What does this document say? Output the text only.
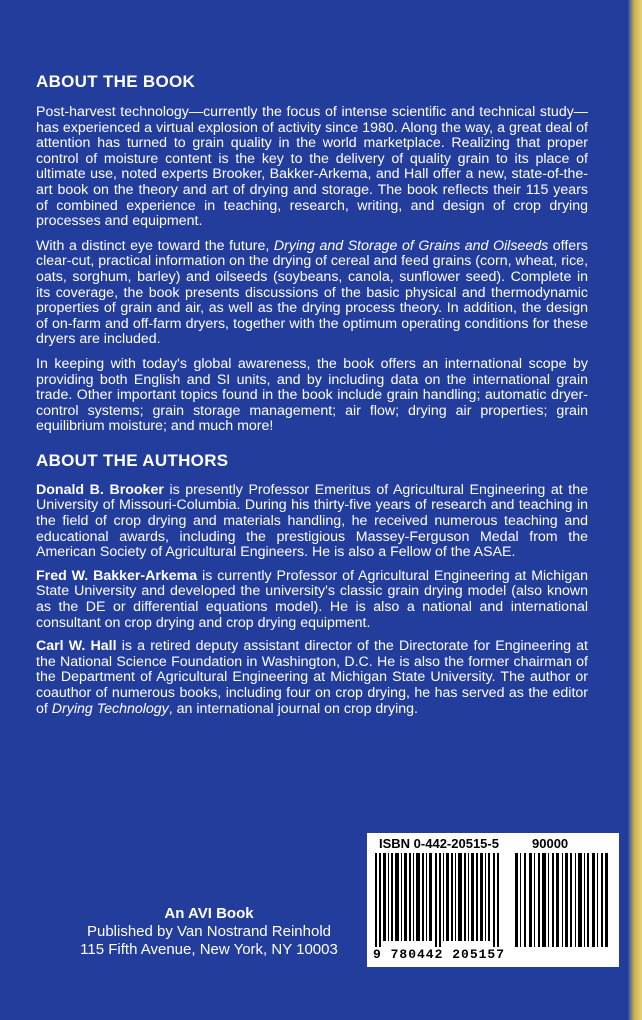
ABOUT THE BOOK

Post-harvest technology—currently the focus of intense scientific and technical study—has experienced a virtual explosion of activity since 1980. Along the way, a great deal of attention has turned to grain quality in the world marketplace. Realizing that proper control of moisture content is the key to the delivery of quality grain to its place of ultimate use, noted experts Brooker, Bakker-Arkema, and Hall offer a new, state-of-the-art book on the theory and art of drying and storage. The book reflects their 115 years of combined experience in teaching, research, writing, and design of crop drying processes and equipment.

With a distinct eye toward the future, Drying and Storage of Grains and Oilseeds offers clear-cut, practical information on the drying of cereal and feed grains (corn, wheat, rice, oats, sorghum, barley) and oilseeds (soybeans, canola, sunflower seed). Complete in its coverage, the book presents discussions of the basic physical and thermodynamic properties of grain and air, as well as the drying process theory. In addition, the design of on-farm and off-farm dryers, together with the optimum operating conditions for these dryers are included.

In keeping with today's global awareness, the book offers an international scope by providing both English and SI units, and by including data on the international grain trade. Other important topics found in the book include grain handling; automatic dryer-control systems; grain storage management; air flow; drying air properties; grain equilibrium moisture; and much more!

ABOUT THE AUTHORS

Donald B. Brooker is presently Professor Emeritus of Agricultural Engineering at the University of Missouri-Columbia. During his thirty-five years of research and teaching in the field of crop drying and materials handling, he received numerous teaching and educational awards, including the prestigious Massey-Ferguson Medal from the American Society of Agricultural Engineers. He is also a Fellow of the ASAE.

Fred W. Bakker-Arkema is currently Professor of Agricultural Engineering at Michigan State University and developed the university's classic grain drying model (also known as the DE or differential equations model). He is also a national and international consultant on crop drying and crop drying equipment.

Carl W. Hall is a retired deputy assistant director of the Directorate for Engineering at the National Science Foundation in Washington, D.C. He is also the former chairman of the Department of Agricultural Engineering at Michigan State University. The author or coauthor of numerous books, including four on crop drying, he has served as the editor of Drying Technology, an international journal on crop drying.

An AVI Book
Published by Van Nostrand Reinhold
115 Fifth Avenue, New York, NY 10003
ISBN 0-442-20515-5	90000
9 780442 205157
